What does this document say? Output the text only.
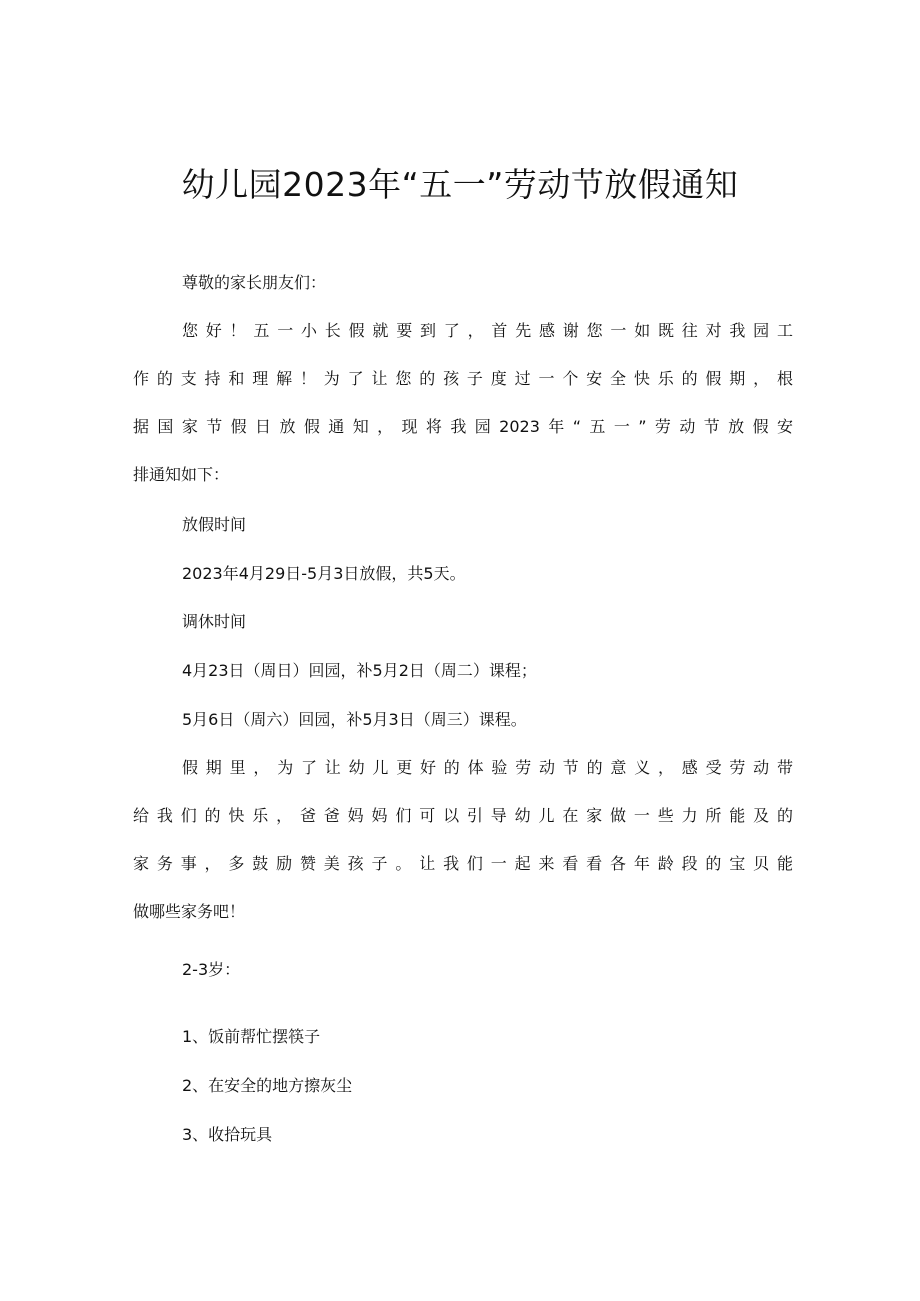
幼儿园2023年“五一”劳动节放假通知

尊敬的家长朋友们：

您好！五一小长假就要到了，首先感谢您一如既往对我园工

作的支持和理解！为了让您的孩子度过一个安全快乐的假期，根

据国家节假日放假通知，现将我园2023年“五一”劳动节放假安

排通知如下：

放假时间

2023年4月29日-5月3日放假，共5天。

调休时间

4月23日（周日）回园，补5月2日（周二）课程；

5月6日（周六）回园，补5月3日（周三）课程。

假期里，为了让幼儿更好的体验劳动节的意义，感受劳动带

给我们的快乐，爸爸妈妈们可以引导幼儿在家做一些力所能及的

家务事，多鼓励赞美孩子。让我们一起来看看各年龄段的宝贝能

做哪些家务吧！

2-3岁：

1、饭前帮忙摆筷子

2、在安全的地方擦灰尘

3、收拾玩具
